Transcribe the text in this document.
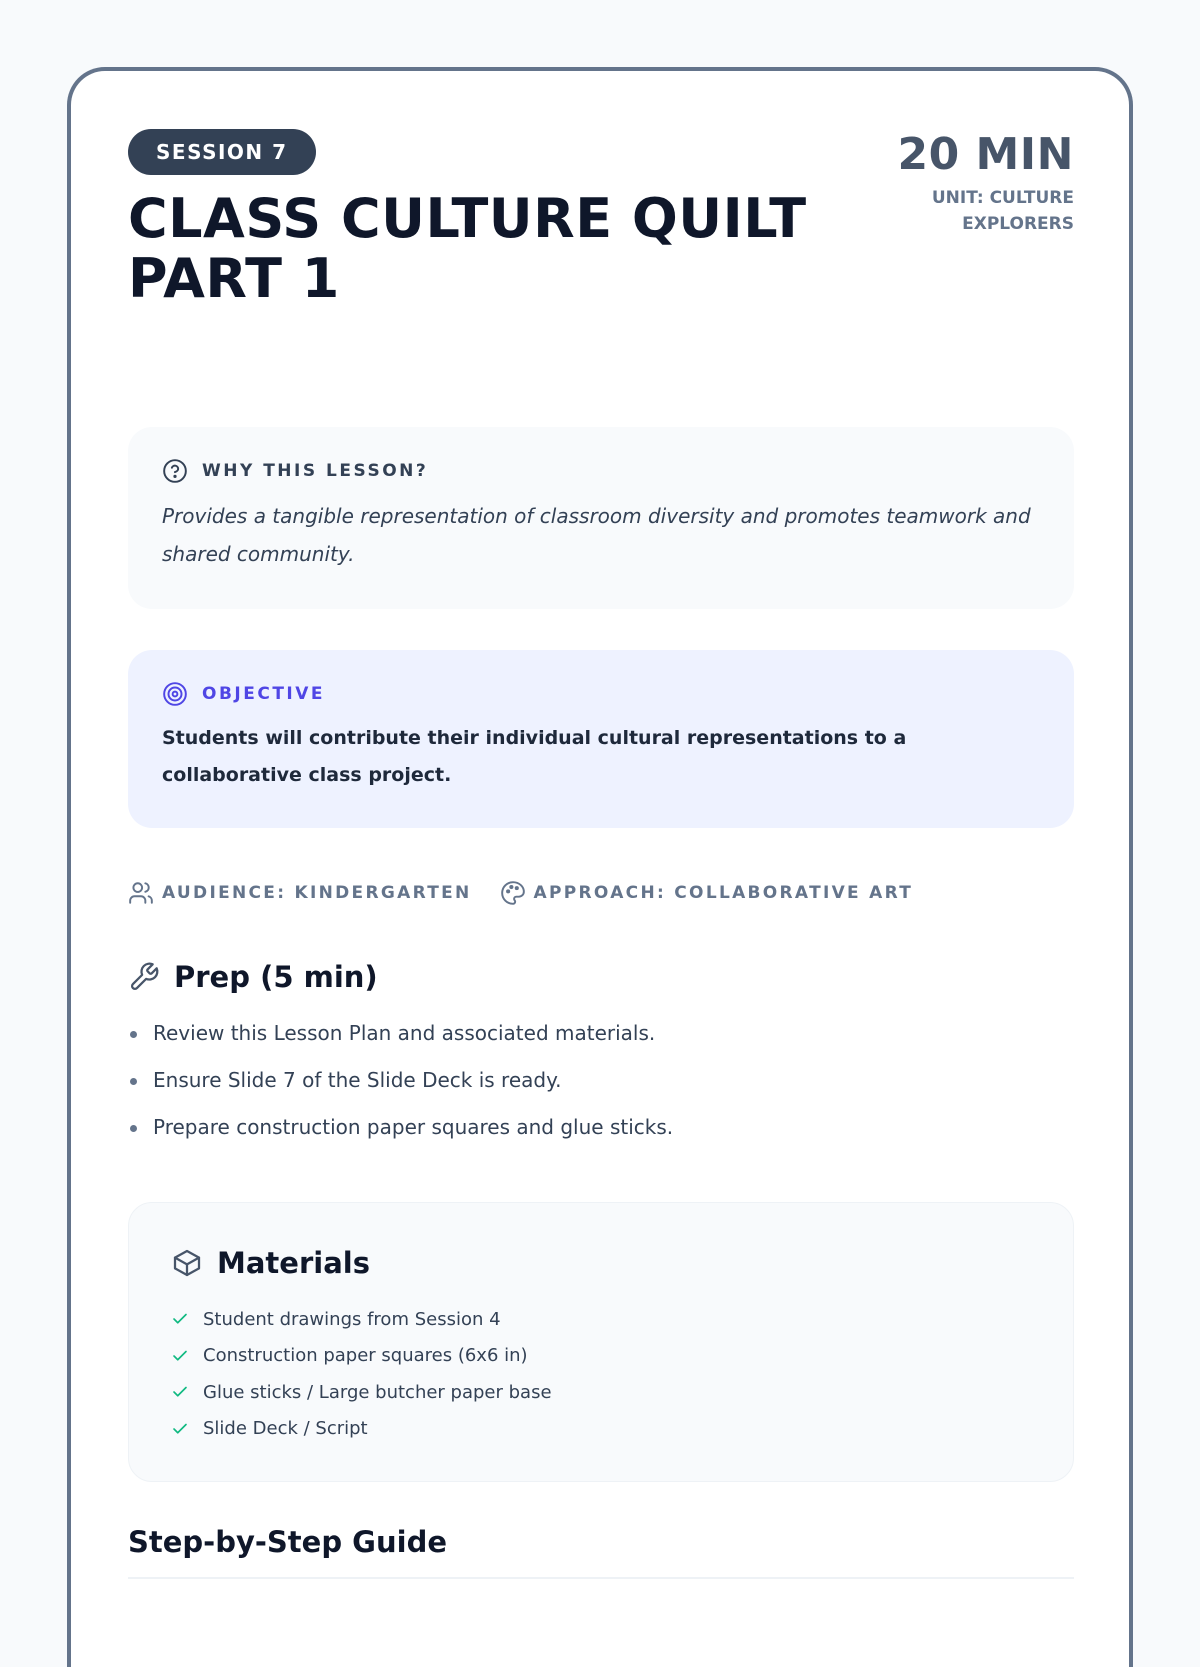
SESSION 7
CLASS CULTURE QUILT PART 1
20 MIN
UNIT: CULTURE EXPLORERS
WHY THIS LESSON?
Provides a tangible representation of classroom diversity and promotes teamwork and shared community.
OBJECTIVE
Students will contribute their individual cultural representations to a collaborative class project.
AUDIENCE: KINDERGARTEN	APPROACH: COLLABORATIVE ART
Prep (5 min)
Review this Lesson Plan and associated materials.
Ensure Slide 7 of the Slide Deck is ready.
Prepare construction paper squares and glue sticks.
Materials
Student drawings from Session 4
Construction paper squares (6x6 in)
Glue sticks / Large butcher paper base
Slide Deck / Script
Step-by-Step Guide
